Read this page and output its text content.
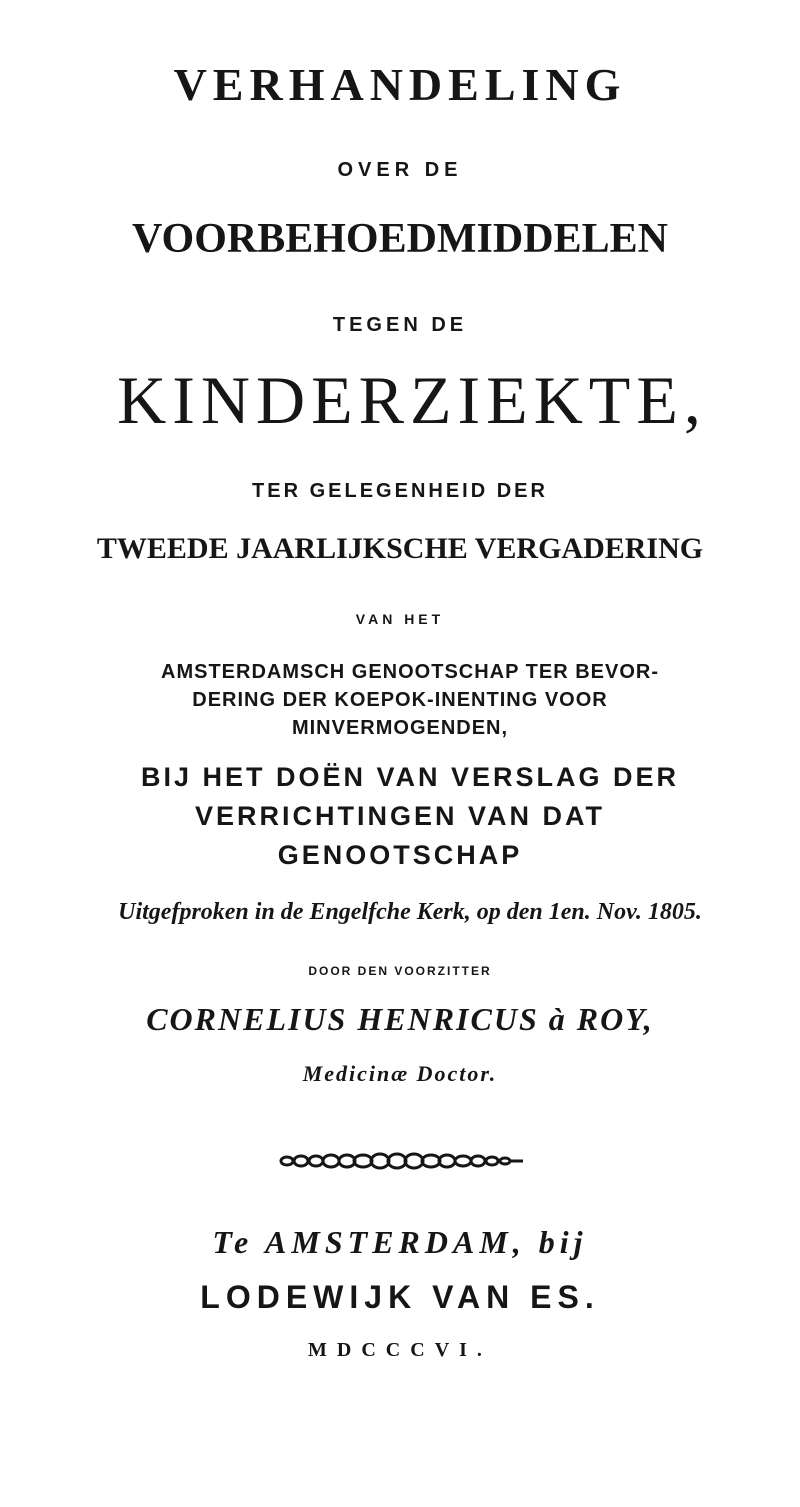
VERHANDELING
OVER DE
VOORBEHOEDMIDDELEN
TEGEN DE
KINDERZIEKTE,
TER GELEGENHEID DER
TWEEDE JAARLIJKSCHE VERGADERING
VAN HET
AMSTERDAMSCH GENOOTSCHAP TER BEVOR-
DERING DER KOEPOK-INENTING VOOR
MINVERMOGENDEN,
BIJ HET DOËN VAN VERSLAG DER
VERRICHTINGEN VAN DAT
GENOOTSCHAP
Uitgefproken in de Engelfche Kerk, op den 1en. Nov. 1805.
DOOR DEN VOORZITTER
CORNELIUS HENRICUS à ROY,
Medicinæ Doctor.
Te AMSTERDAM, bij
LODEWIJK VAN ES.
MDCCCVI.
